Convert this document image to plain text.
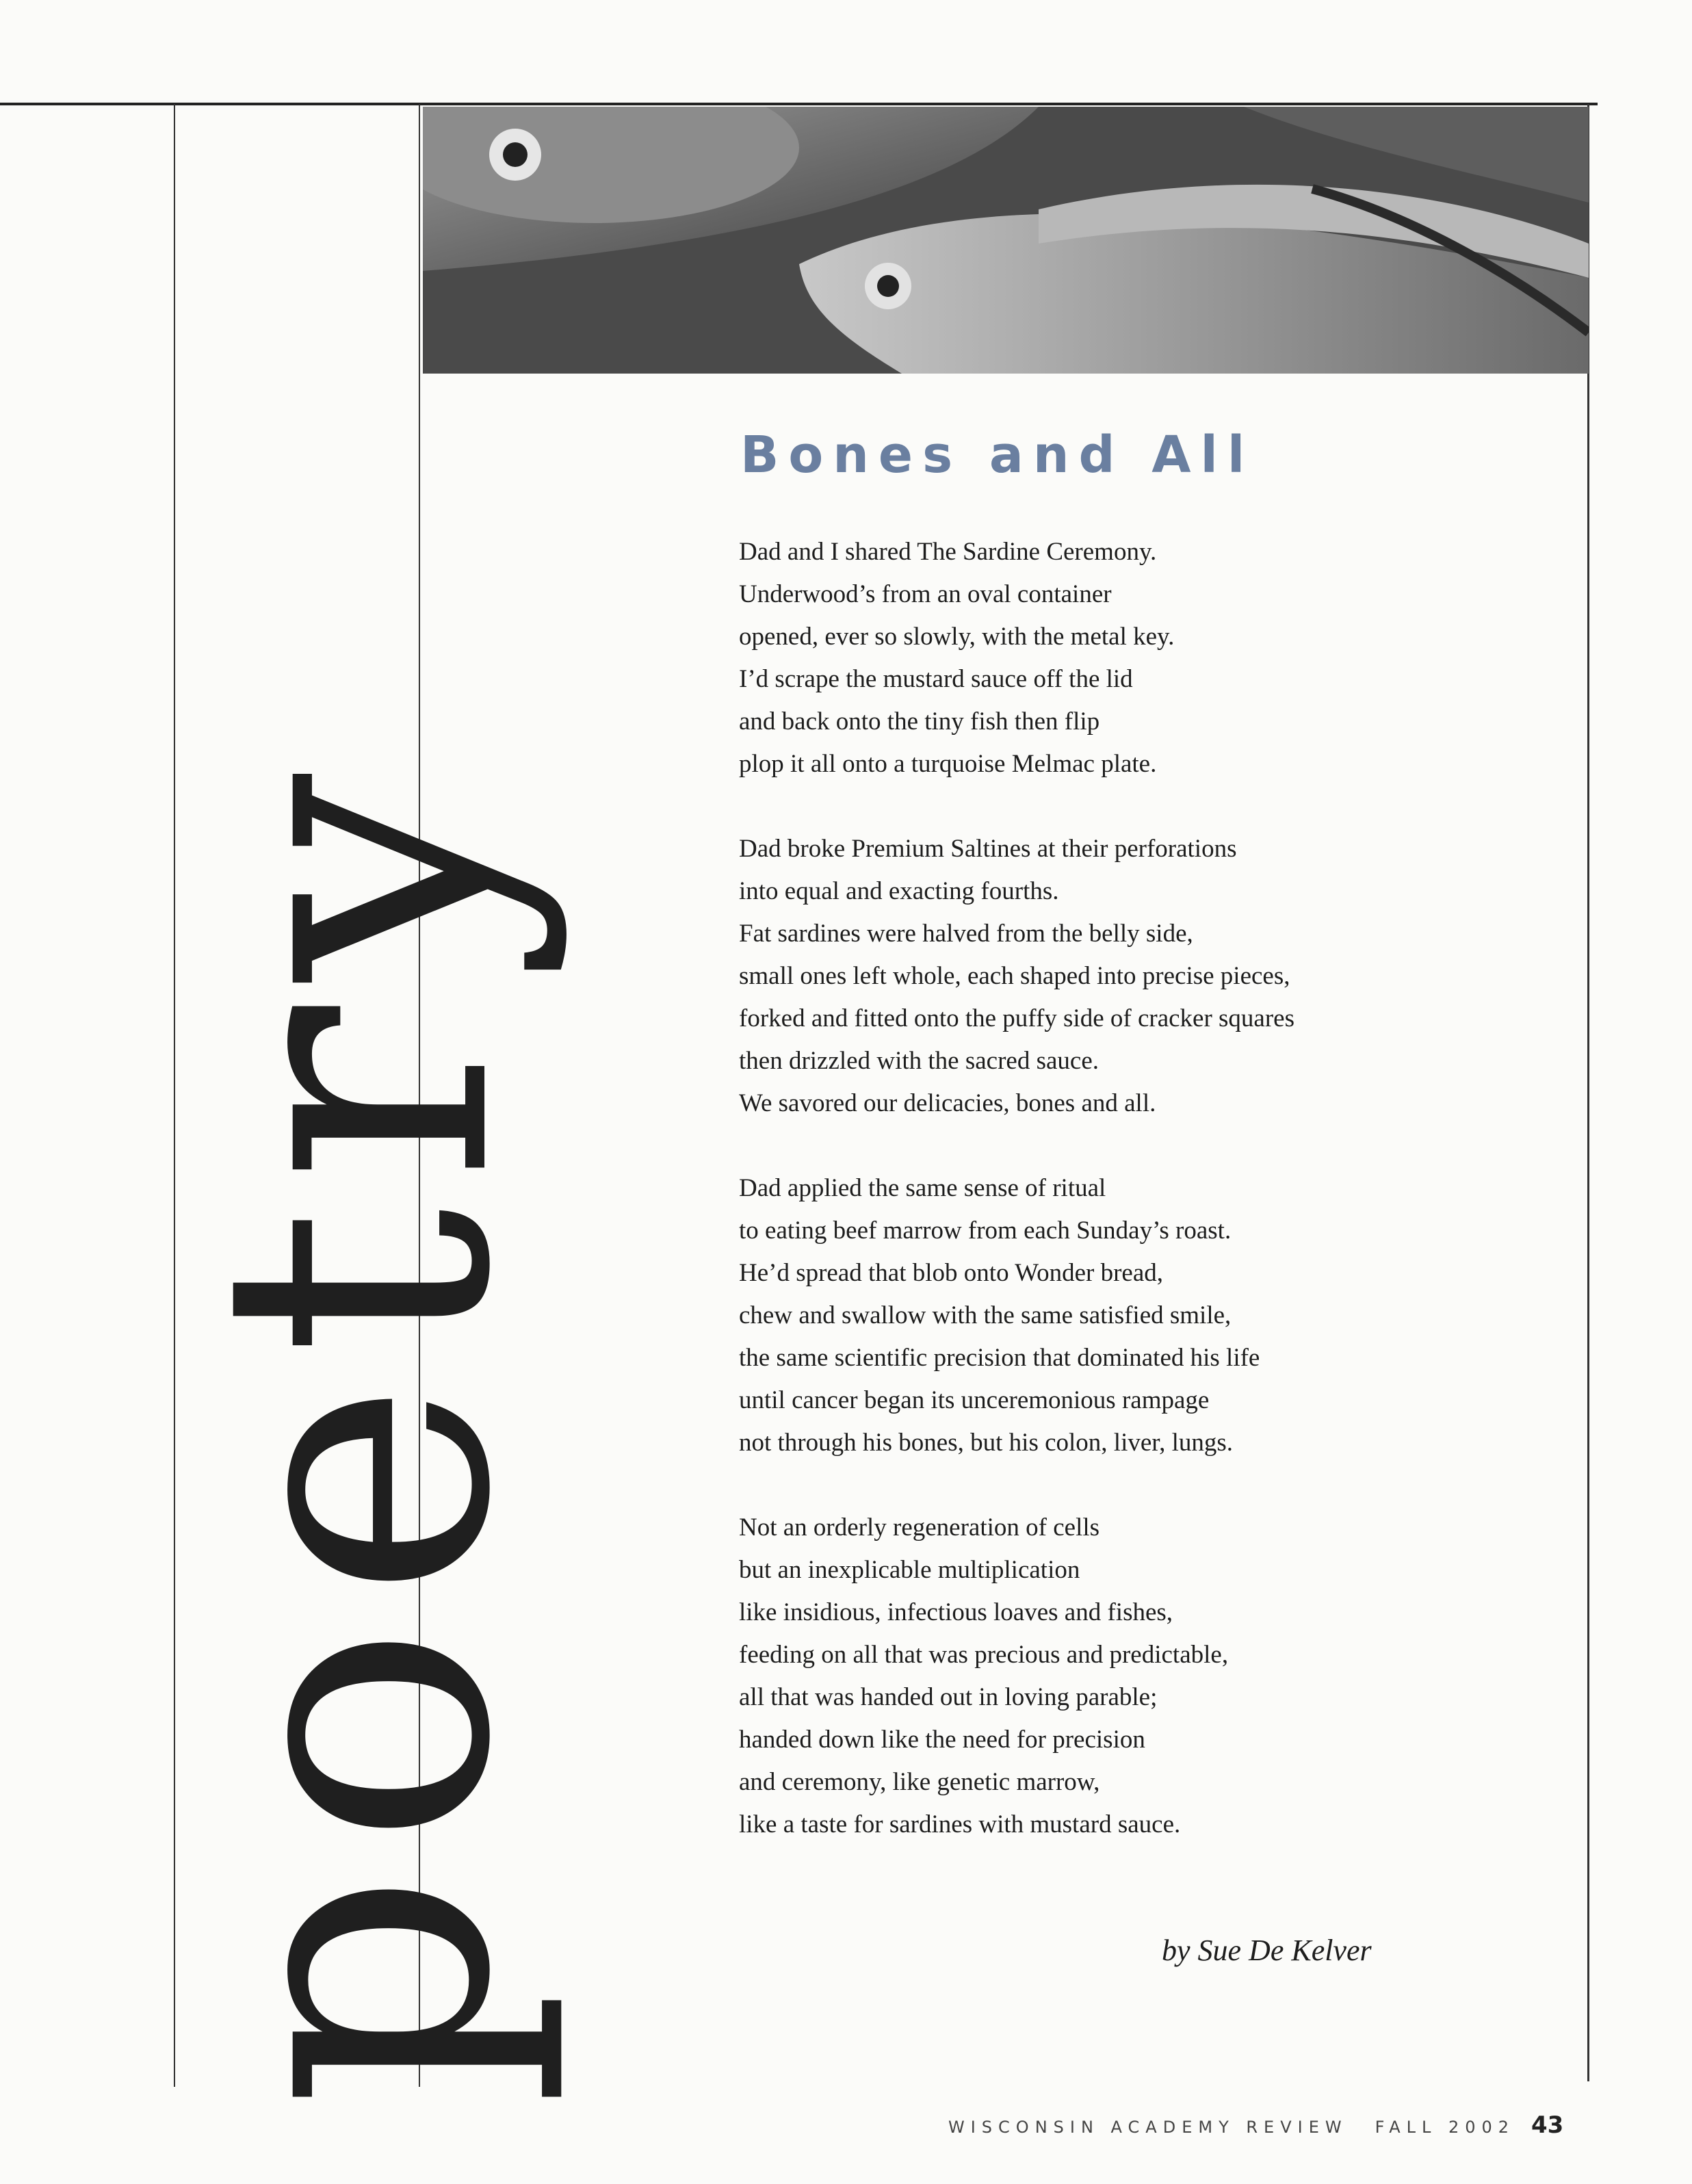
poetry
Bones and All

Dad and I shared The Sardine Ceremony.
Underwood’s from an oval container
opened, ever so slowly, with the metal key.
I’d scrape the mustard sauce off the lid
and back onto the tiny fish then flip
plop it all onto a turquoise Melmac plate.

Dad broke Premium Saltines at their perforations
into equal and exacting fourths.
Fat sardines were halved from the belly side,
small ones left whole, each shaped into precise pieces,
forked and fitted onto the puffy side of cracker squares
then drizzled with the sacred sauce.
We savored our delicacies, bones and all.

Dad applied the same sense of ritual
to eating beef marrow from each Sunday’s roast.
He’d spread that blob onto Wonder bread,
chew and swallow with the same satisfied smile,
the same scientific precision that dominated his life
until cancer began its unceremonious rampage
not through his bones, but his colon, liver, lungs.

Not an orderly regeneration of cells
but an inexplicable multiplication
like insidious, infectious loaves and fishes,
feeding on all that was precious and predictable,
all that was handed out in loving parable;
handed down like the need for precision
and ceremony, like genetic marrow,
like a taste for sardines with mustard sauce.

by Sue De Kelver
WISCONSIN ACADEMY REVIEW FALL 2002 43
